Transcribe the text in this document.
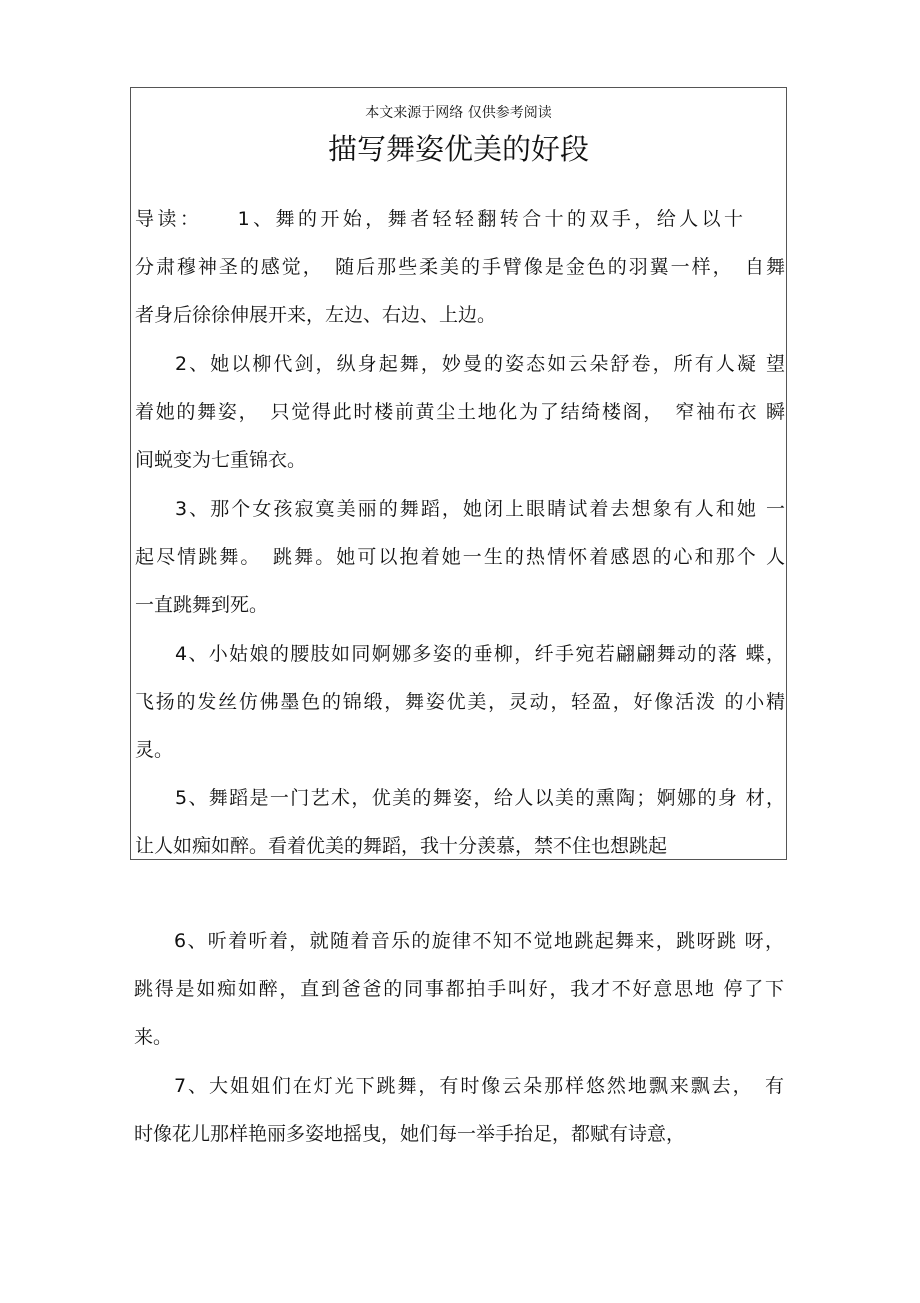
本文来源于网络 仅供参考阅读
描写舞姿优美的好段
导读：　　1、舞的开始，舞者轻轻翻转合十的双手，给人以十
分肃穆神圣的感觉，　随后那些柔美的手臂像是金色的羽翼一样，　自舞
者身后徐徐伸展开来，左边、右边、上边。
2、她以柳代剑，纵身起舞，妙曼的姿态如云朵舒卷，所有人凝 望
着她的舞姿，　只觉得此时楼前黄尘土地化为了结绮楼阁，　窄袖布衣 瞬
间蜕变为七重锦衣。
3、那个女孩寂寞美丽的舞蹈，她闭上眼睛试着去想象有人和她 一
起尽情跳舞。　跳舞。她可以抱着她一生的热情怀着感恩的心和那个 人
一直跳舞到死。
4、小姑娘的腰肢如同婀娜多姿的垂柳，纤手宛若翩翩舞动的落 蝶，
飞扬的发丝仿佛墨色的锦缎，舞姿优美，灵动，轻盈，好像活泼 的小精
灵。
5、舞蹈是一门艺术，优美的舞姿，给人以美的熏陶；婀娜的身 材，
让人如痴如醉。看着优美的舞蹈，我十分羡慕，禁不住也想跳起
6、听着听着，就随着音乐的旋律不知不觉地跳起舞来，跳呀跳 呀，
跳得是如痴如醉，直到爸爸的同事都拍手叫好，我才不好意思地 停了下
来。
7、大姐姐们在灯光下跳舞，有时像云朵那样悠然地飘来飘去，　有
时像花儿那样艳丽多姿地摇曳，她们每一举手抬足，都赋有诗意，
